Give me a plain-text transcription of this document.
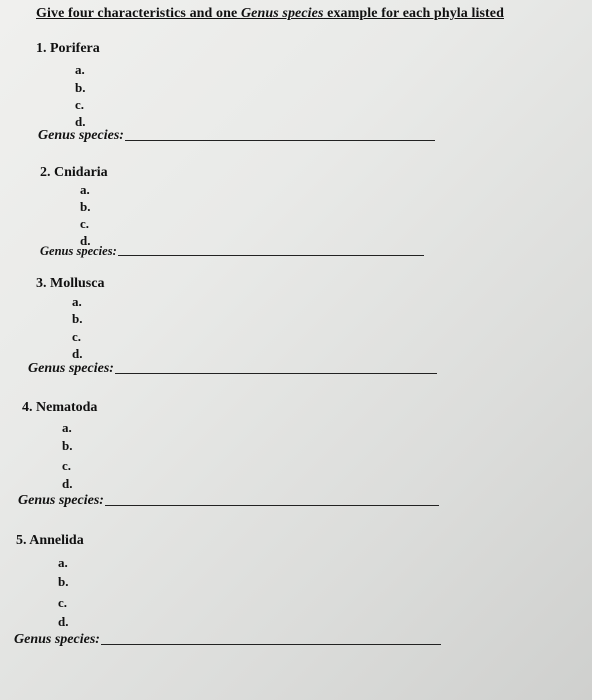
Give four characteristics and one Genus species example for each phyla listed
1. Porifera
a.
b.
c.
d.
Genus species:
2. Cnidaria
a.
b.
c.
d.
Genus species:
3. Mollusca
a.
b.
c.
d.
Genus species:
4. Nematoda
a.
b.
c.
d.
Genus species:
5. Annelida
a.
b.
c.
d.
Genus species:
